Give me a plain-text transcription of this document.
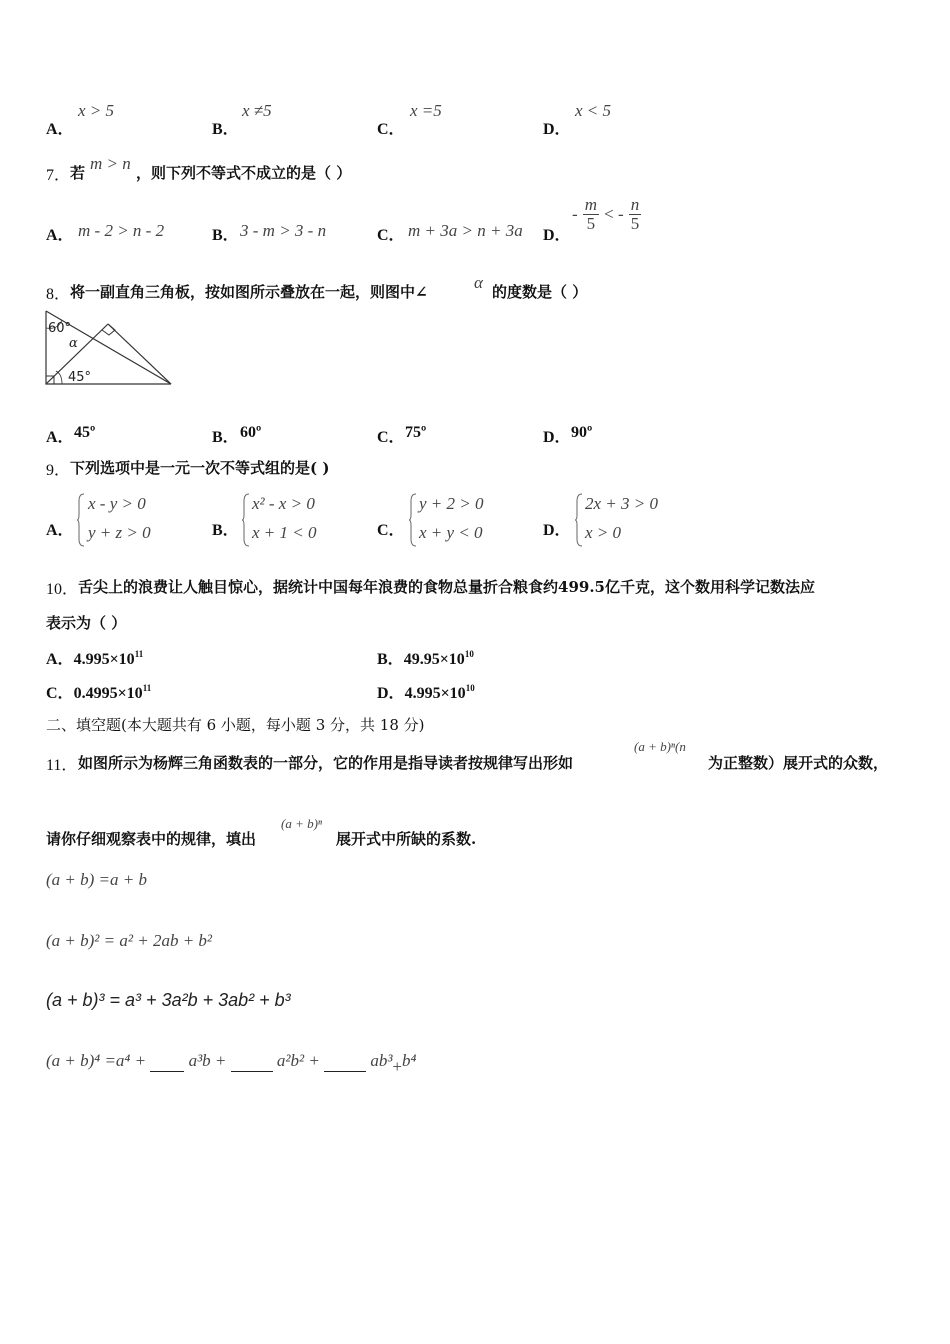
A．
x > 5
B．
x ≠5
C．
x =5
D．
x < 5
7． 若 m > n ，则下列不等式不成立的是（ ）
A． m - 2 > n - 2	B． 3 - m > 3 - n	C． m + 3a > n + 3a D．
- $\frac{m}{5}$ < - $\frac{n}{5}$
8． 将一副直角三角板，按如图所示叠放在一起，则图中∠	α 的度数是（ ）
60°
α
45°
A． 45º	B． 60º	C． 75º	D． 90º
9． 下列选项中是一元一次不等式组的是( )
A．
x - y > 0
y + z > 0	B．
x² - x > 0
x + 1 < 0	C．
y + 2 > 0
x + y < 0	D．
2x + 3 > 0
x > 0
10． 舌尖上的浪费让人触目惊心，据统计中国每年浪费的食物总量折合粮食约499.5亿千克，这个数用科学记数法应
表示为（ ）
A．$4.995\times 10^{11}$	B．$49.95\times 10^{10}$
C．$0.4995\times 10^{11}$	D．$4.995\times 10^{10}$
二、填空题(本大题共有 6 小题，每小题 3 分，共 18 分)
11． 如图所示为杨辉三角函数表的一部分，它的作用是指导读者按规律写出形如
(a + b)ⁿ(n
为正整数）展开式的众数，
请你仔细观察表中的规律，填出
(a + b)ⁿ
展开式中所缺的系数.
(a + b) =a + b
(a + b)² = a² + 2ab + b²
(a + b)³ = a³ + 3a²b + 3ab² + b³
(a + b)⁴ =a⁴ +	a³b +	a²b² +	ab³+b⁴
